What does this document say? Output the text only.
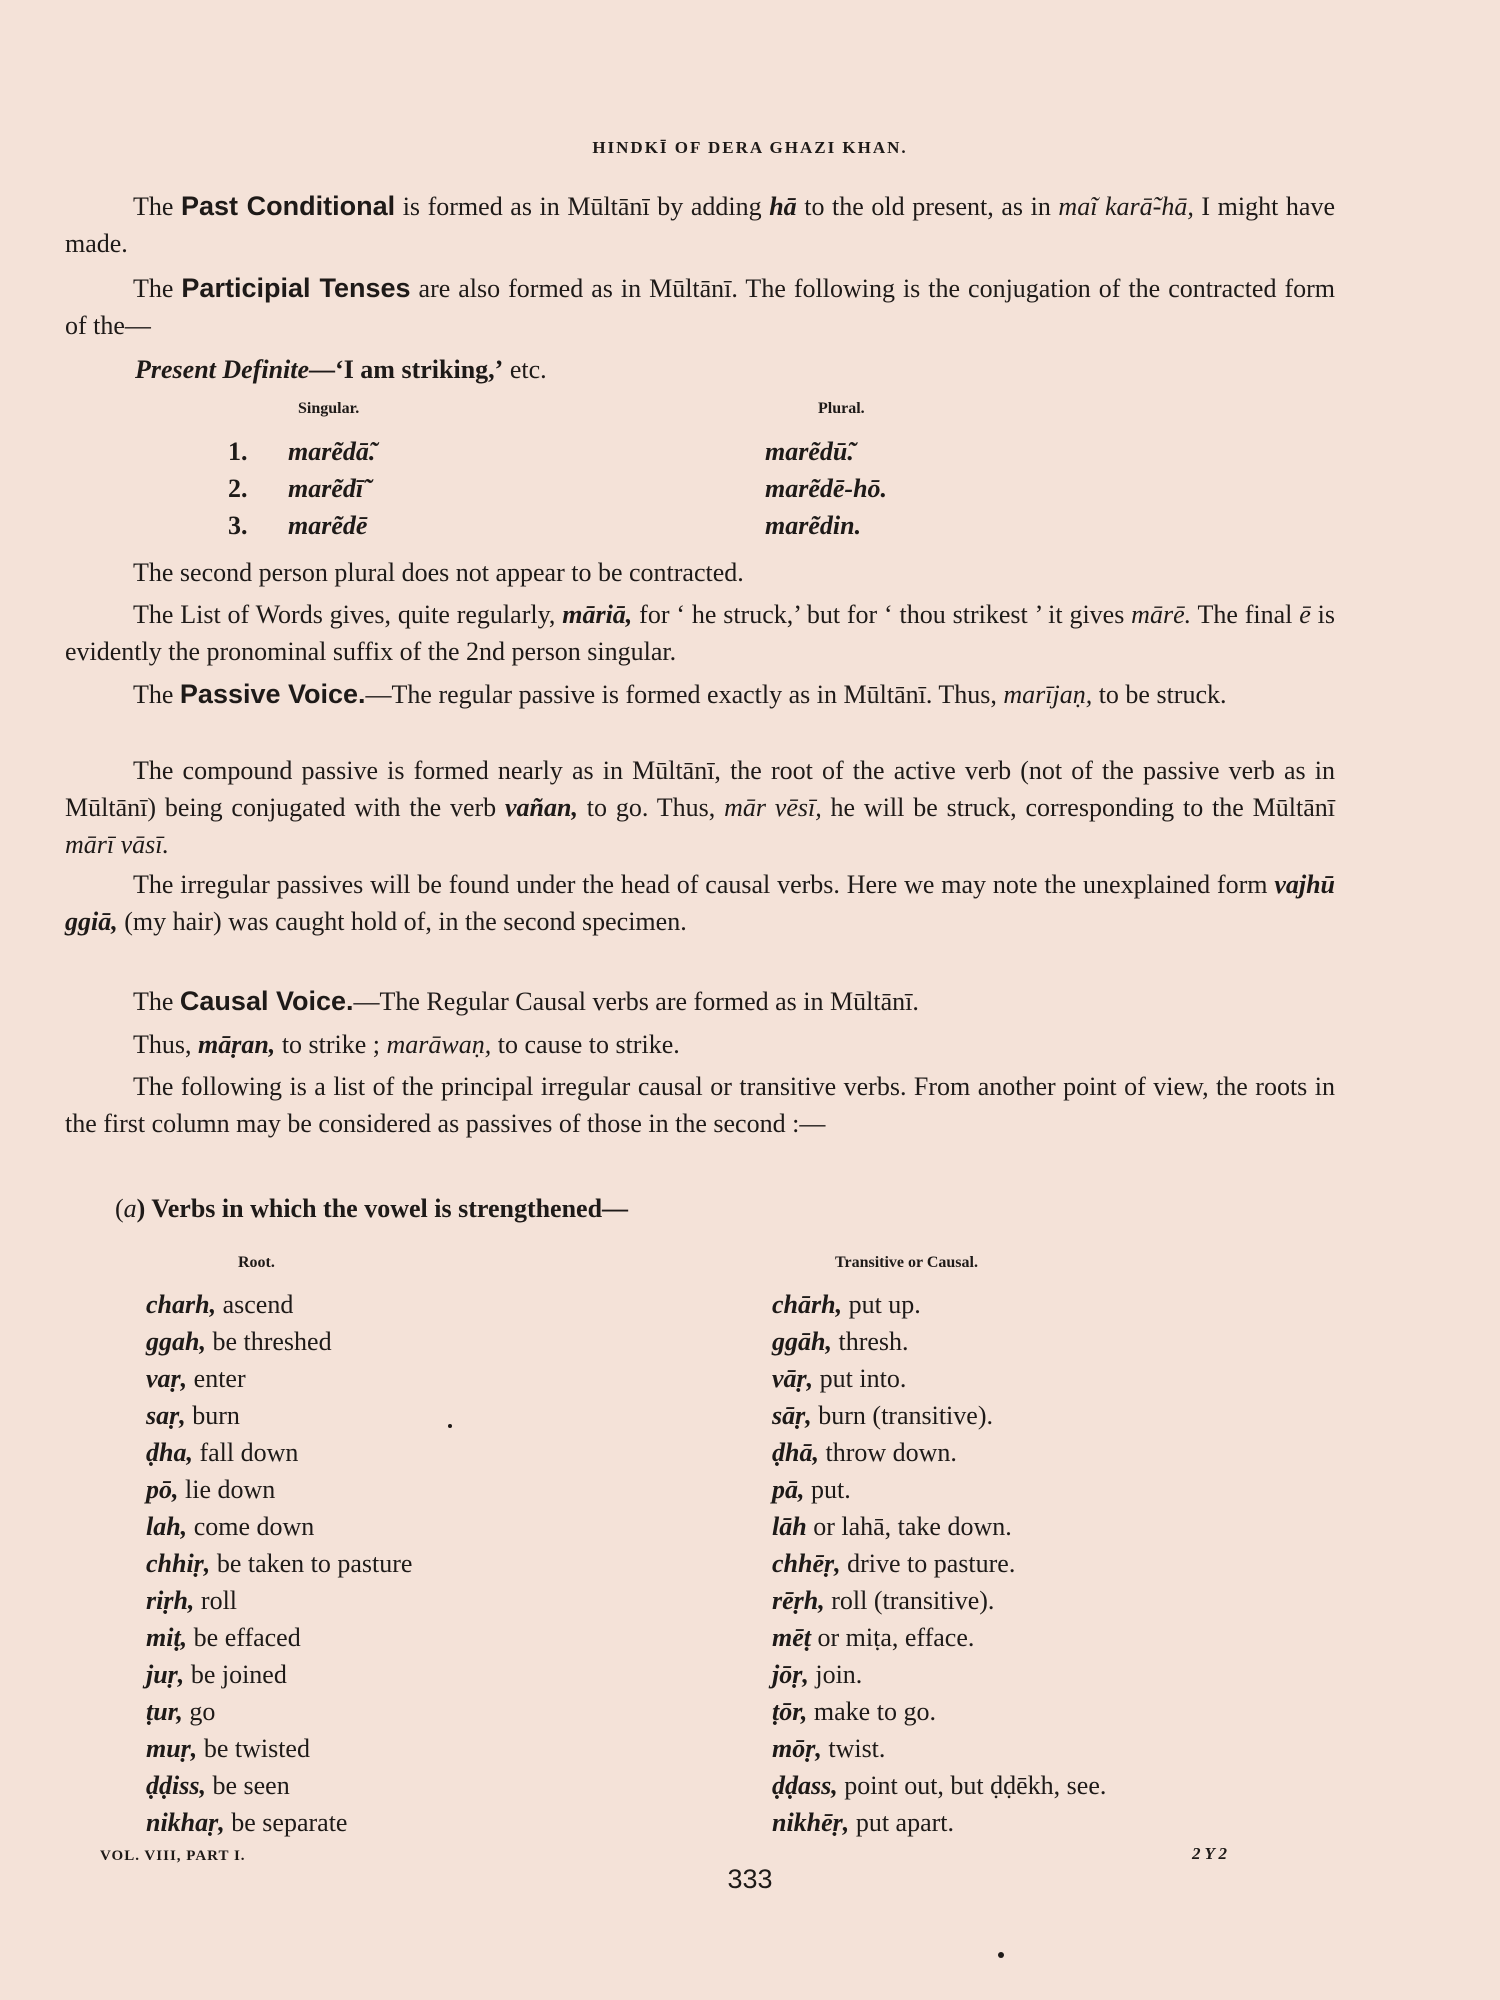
HINDKĪ OF DERA GHAZI KHAN.
The Past Conditional is formed as in Mūltānī by adding hā to the old present, as in maĩ karā̃-hā, I might have made.
The Participial Tenses are also formed as in Mūltānī. The following is the conjugation of the contracted form of the—
Present Definite—‘I am striking,’ etc.
Singular.	Plural.
1. marẽdā̃.	marẽdū̃.
2. marẽdī̃	marẽdē-hō.
3. marẽdē	marẽdin.
The second person plural does not appear to be contracted.
The List of Words gives, quite regularly, māriā, for ‘ he struck,’ but for ‘ thou strikest ’ it gives mārē. The final ē is evidently the pronominal suffix of the 2nd person singular.
The Passive Voice.—The regular passive is formed exactly as in Mūltānī. Thus, marījaṇ, to be struck.
The compound passive is formed nearly as in Mūltānī, the root of the active verb (not of the passive verb as in Mūltānī) being conjugated with the verb vañan, to go. Thus, mār vēsī, he will be struck, corresponding to the Mūltānī mārī vāsī.
The irregular passives will be found under the head of causal verbs. Here we may note the unexplained form vajhū ggiā, (my hair) was caught hold of, in the second specimen.
The Causal Voice.—The Regular Causal verbs are formed as in Mūltānī.
Thus, māṛan, to strike ; marāwaṇ, to cause to strike.
The following is a list of the principal irregular causal or transitive verbs. From another point of view, the roots in the first column may be considered as passives of those in the second :—
(a) Verbs in which the vowel is strengthened—
Root.	Transitive or Causal.
charh, ascend	chārh, put up.
ggah, be threshed	ggāh, thresh.
vaṛ, enter	vāṛ, put into.
saṛ, burn	sāṛ, burn (transitive).
ḍha, fall down	ḍhā, throw down.
pō, lie down	pā, put.
lah, come down	lāh or lahā, take down.
chhiṛ, be taken to pasture	chhēṛ, drive to pasture.
riṛh, roll	rēṛh, roll (transitive).
miṭ, be effaced	mēṭ or miṭa, efface.
juṛ, be joined	jōṛ, join.
ṭur, go	ṭōr, make to go.
muṛ, be twisted	mōṛ, twist.
ḍḍiss, be seen	ḍḍass, point out, but ḍḍēkh, see.
nikhaṛ, be separate	nikhēṛ, put apart.
VOL. VIII, PART I.
333
2 Y 2
